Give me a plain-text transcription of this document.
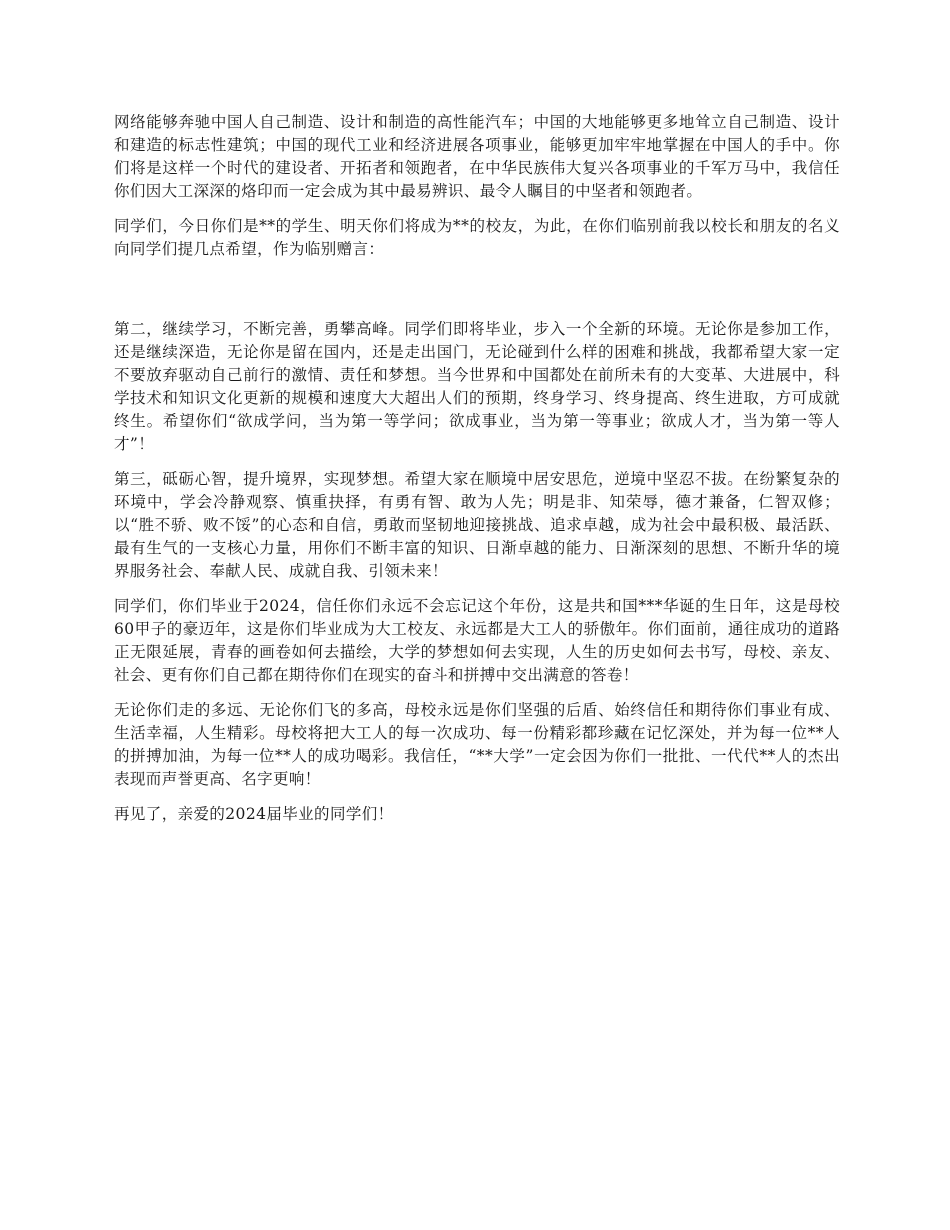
网络能够奔驰中国人自己制造、设计和制造的高性能汽车；中国的大地能够更多地耸立自己制造、设计和建造的标志性建筑；中国的现代工业和经济进展各项事业，能够更加牢牢地掌握在中国人的手中。你们将是这样一个时代的建设者、开拓者和领跑者，在中华民族伟大复兴各项事业的千军万马中，我信任你们因大工深深的烙印而一定会成为其中最易辨识、最令人瞩目的中坚者和领跑者。

同学们，今日你们是**的学生、明天你们将成为**的校友，为此，在你们临别前我以校长和朋友的名义向同学们提几点希望，作为临别赠言：

第二，继续学习，不断完善，勇攀高峰。同学们即将毕业，步入一个全新的环境。无论你是参加工作，还是继续深造，无论你是留在国内，还是走出国门，无论碰到什么样的困难和挑战，我都希望大家一定不要放弃驱动自己前行的激情、责任和梦想。当今世界和中国都处在前所未有的大变革、大进展中，科学技术和知识文化更新的规模和速度大大超出人们的预期，终身学习、终身提高、终生进取，方可成就终生。希望你们“欲成学问，当为第一等学问；欲成事业，当为第一等事业；欲成人才，当为第一等人才”！

第三，砥砺心智，提升境界，实现梦想。希望大家在顺境中居安思危，逆境中坚忍不拔。在纷繁复杂的环境中，学会冷静观察、慎重抉择，有勇有智、敢为人先；明是非、知荣辱，德才兼备，仁智双修；以“胜不骄、败不馁”的心态和自信，勇敢而坚韧地迎接挑战、追求卓越，成为社会中最积极、最活跃、最有生气的一支核心力量，用你们不断丰富的知识、日渐卓越的能力、日渐深刻的思想、不断升华的境界服务社会、奉献人民、成就自我、引领未来！

同学们，你们毕业于2024，信任你们永远不会忘记这个年份，这是共和国***华诞的生日年，这是母校60甲子的豪迈年，这是你们毕业成为大工校友、永远都是大工人的骄傲年。你们面前，通往成功的道路正无限延展，青春的画卷如何去描绘，大学的梦想如何去实现，人生的历史如何去书写，母校、亲友、社会、更有你们自己都在期待你们在现实的奋斗和拼搏中交出满意的答卷！

无论你们走的多远、无论你们飞的多高，母校永远是你们坚强的后盾、始终信任和期待你们事业有成、生活幸福，人生精彩。母校将把大工人的每一次成功、每一份精彩都珍藏在记忆深处，并为每一位**人的拼搏加油，为每一位**人的成功喝彩。我信任，“**大学”一定会因为你们一批批、一代代**人的杰出表现而声誉更高、名字更响！

再见了，亲爱的2024届毕业的同学们！
